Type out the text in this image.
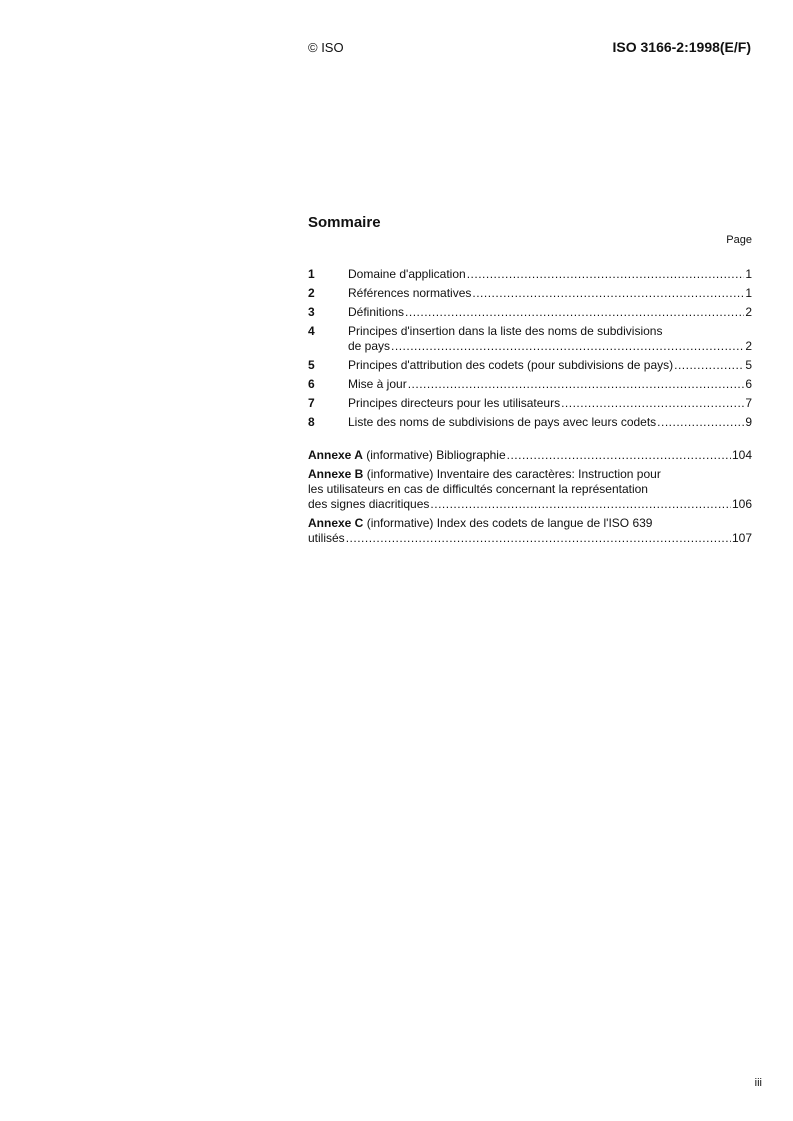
© ISO	ISO 3166-2:1998(E/F)
Sommaire
Page
1	Domaine d'application .....	1
2	Références normatives .....	1
3	Définitions .....	2
4	Principes d'insertion dans la liste des noms de subdivisions
de pays .....	2
5	Principes d'attribution des codets (pour subdivisions de pays) .....	5
6	Mise à jour .....	6
7	Principes directeurs pour les utilisateurs .....	7
8	Liste des noms de subdivisions de pays avec leurs codets .....	9
Annexe A (informative) Bibliographie .....	104
Annexe B (informative) Inventaire des caractères: Instruction pour
les utilisateurs en cas de difficultés concernant la représentation
des signes diacritiques .....	106
Annexe C (informative) Index des codets de langue de l'ISO 639
utilisés .....	107
iii
